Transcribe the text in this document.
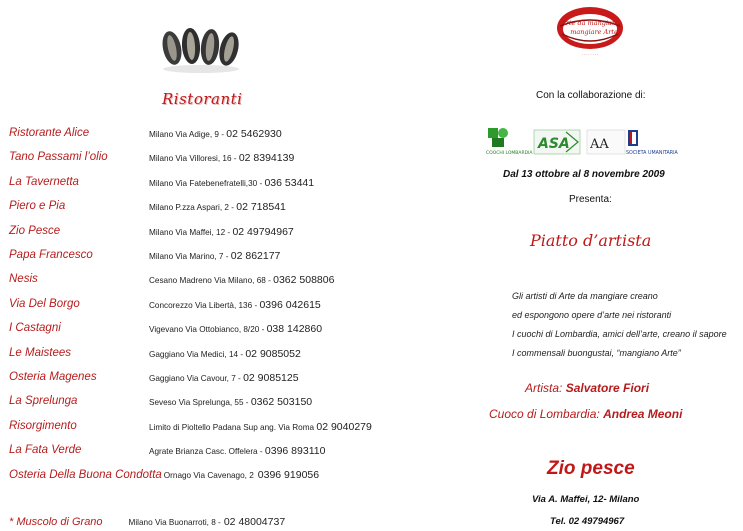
Ristoranti
Ristorante Alice	Milano Via Adige, 9 - 02 5462930
Tano Passami l’olio	Milano Via Villoresi, 16 - 02 8394139
La Tavernetta	Milano Via Fatebenefratelli,30 - 036 53441
Piero e Pia	Milano P.zza Aspari, 2 - 02 718541
Zio Pesce	Milano Via Maffei, 12 - 02 49794967
Papa Francesco	Milano Via Marino, 7 - 02 862177
Nesis	Cesano Madreno Via Milano, 68 - 0362 508806
Via Del Borgo	Concorezzo Via Libertà, 136 - 0396 042615
I Castagni	Vigevano Via Ottobianco, 8/20 - 038 142860
Le Maistees	Gaggiano Via Medici, 14 - 02 9085052
Osteria Magenes	Gaggiano Via Cavour, 7 - 02 9085125
La Sprelunga	Seveso Via Sprelunga, 55 - 0362 503150
Risorgimento	Limito di Pioltello Padana Sup ang. Via Roma 02 9040279
La Fata Verde	Agrate Brianza Casc. Offelera - 0396 893110
Osteria Della Buona Condotta Ornago Via Cavenago, 2 0396 919056
* Muscolo di Grano	Milano Via Buonarroti, 8 - 02 48004737
Arte da mangiare
mangiare Arte
· · · · · · · ·
Con la collaborazione di:
COOCHI LOMBARDIA
ASA AA
SOCIETA UMANITARIA
Dal 13 ottobre al 8 novembre 2009
Presenta:
Piatto d’artista
Gli artisti di Arte da mangiare creano
ed espongono opere d’arte nei ristoranti
I cuochi di Lombardia, amici dell’arte, creano il sapore
I commensali buongustai, “mangiano Arte”
Artista: Salvatore Fiori
Cuoco di Lombardia: Andrea Meoni
Zio pesce
Via A. Maffei, 12- Milano
Tel. 02 49794967
